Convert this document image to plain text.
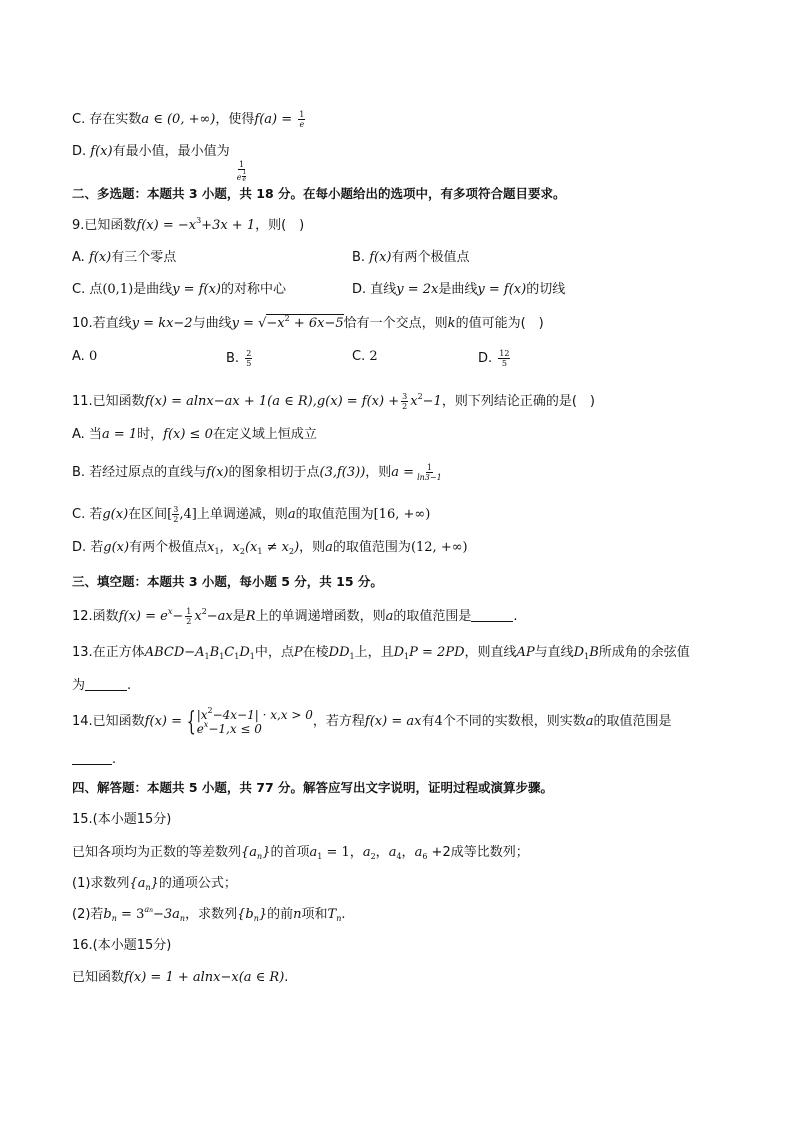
C. 存在实数a ∈ (0, +∞)，使得$f(a) = \frac{1}{e}$
D. f(x)有最小值，最小值为
$\frac{1}{e \frac{1}{e}}$
二、多选题：本题共 3 小题，共 18 分。在每小题给出的选项中，有多项符合题目要求。
9.已知函数$f(x) = -x^3+3x + 1$，则(　)
A. f(x)有三个零点	B. f(x)有两个极值点
C. 点(0,1)是曲线y = f(x)的对称中心	D. 直线y = 2x是曲线y = f(x)的切线
10.若直线y = kx−2与曲线$y = √-x^2 + 6x-5$恰有一个交点，则k的值可能为(　)
A. 0	B. $\frac{2}{5}$	C. 2	D. $\frac{12}{5}$
11.已知函数f(x) = alnx−ax + 1(a ∈ $R),g(x) = f(x) + \frac{3}{2} x^2-1$，则下列结论正确的是(　)
A. 当a = 1时，f(x) ≤ 0在定义域上恒成立
B. 若经过原点的直线与f(x)的图象相切于点(3,f(3))，则$a = \frac{1}{\ln 3-1}$
C. 若g(x)在区间[ $\frac{3}{2} ,4$]上单调递减，则a的取值范围为[16, +∞)
D. 若g(x)有两个极值点$x_1$，$x_2(x_1 \ne x_2)$，则a的取值范围为(12, +∞)
三、填空题：本题共 3 小题，每小题 5 分，共 15 分。
12.函数$f(x) = e^x- \frac{1}{2} x^2-ax$是R上的单调递增函数，则a的取值范围是	.
13.在正方体$ABCD-A_1B_1C_1D_1$中，点P在棱$DD_1$上，且$D_1P = 2PD$，则直线AP与直线$D_1B$所成角的余弦值
为	.
14.已知函数f(x) = { $|x^2-4x-1| \cdot x,x > 0$
$e^x-1,x \le 0$	，若方程f(x) = ax有4个不同的实数根，则实数a的取值范围是
.
四、解答题：本题共 5 小题，共 77 分。解答应写出文字说明，证明过程或演算步骤。
15.(本小题15分)
已知各项均为正数的等差数列$\{a_n\}$的首项$a_1 = 1$，$a_2$，$a_4$，$a_6 +2$成等比数列；
(1)求数列$\{a_n\}$的通项公式；
(2)若$b_n = 3^{an}-3a_n$，求数列$\{b_n\}$的前n项和$T_n$.
16.(本小题15分)
已知函数f(x) = 1 + alnx−x(a ∈ R).
